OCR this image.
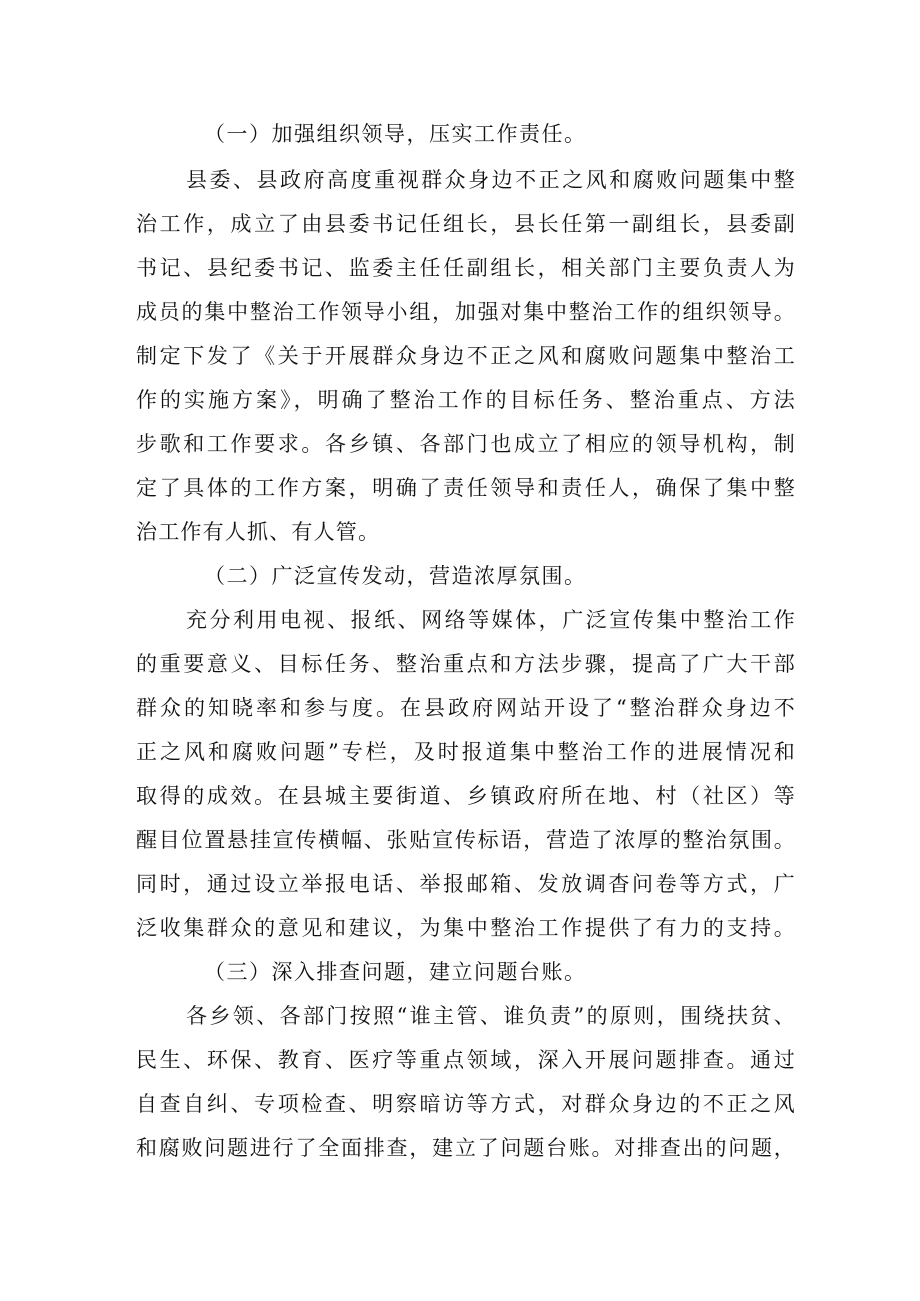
（一）加强组织领导，压实工作责任。
县委、县政府高度重视群众身边不正之风和腐败问题集中整
治工作，成立了由县委书记任组长，县长任第一副组长，县委副
书记、县纪委书记、监委主任任副组长，相关部门主要负责人为
成员的集中整治工作领导小组，加强对集中整治工作的组织领导。
制定下发了《关于开展群众身边不正之风和腐败问题集中整治工
作的实施方案》，明确了整治工作的目标任务、整治重点、方法
步歌和工作要求。各乡镇、各部门也成立了相应的领导机构，制
定了具体的工作方案，明确了责任领导和责任人，确保了集中整
治工作有人抓、有人管。
（二）广泛宣传发动，营造浓厚氛围。
充分利用电视、报纸、网络等媒体，广泛宣传集中整治工作
的重要意义、目标任务、整治重点和方法步骤，提高了广大干部
群众的知晓率和参与度。在县政府网站开设了“整治群众身边不
正之风和腐败问题”专栏，及时报道集中整治工作的进展情况和
取得的成效。在县城主要街道、乡镇政府所在地、村（社区）等
醒目位置悬挂宣传横幅、张贴宣传标语，营造了浓厚的整治氛围。
同时，通过设立举报电话、举报邮箱、发放调杳问卷等方式，广
泛收集群众的意见和建议，为集中整治工作提供了有力的支持。
（三）深入排查问题，建立问题台账。
各乡领、各部门按照“谁主管、谁负责”的原则，围绕扶贫、
民生、环保、教育、医疗等重点领域，深入开展问题排查。通过
自查自纠、专项检查、明察暗访等方式，对群众身边的不正之风
和腐败问题进行了全面排查，建立了问题台账。对排查出的问题，
